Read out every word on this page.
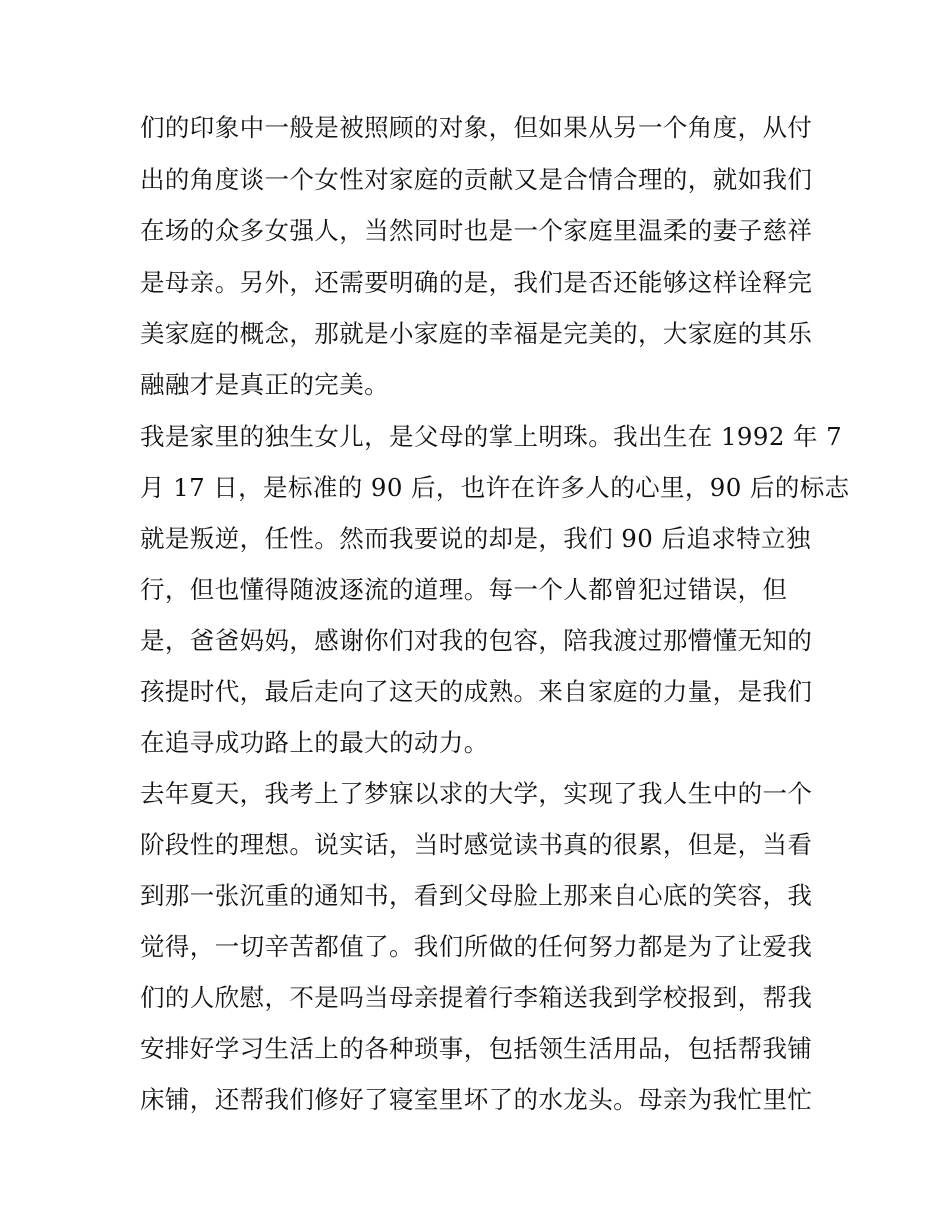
们的印象中一般是被照顾的对象，但如果从另一个角度，从付
出的角度谈一个女性对家庭的贡献又是合情合理的，就如我们
在场的众多女强人，当然同时也是一个家庭里温柔的妻子慈祥
是母亲。另外，还需要明确的是，我们是否还能够这样诠释完
美家庭的概念，那就是小家庭的幸福是完美的，大家庭的其乐
融融才是真正的完美。
我是家里的独生女儿，是父母的掌上明珠。我出生在 1992 年 7
月 17 日，是标准的 90 后，也许在许多人的心里，90 后的标志
就是叛逆，任性。然而我要说的却是，我们 90 后追求特立独
行，但也懂得随波逐流的道理。每一个人都曾犯过错误，但
是，爸爸妈妈，感谢你们对我的包容，陪我渡过那懵懂无知的
孩提时代，最后走向了这天的成熟。来自家庭的力量，是我们
在追寻成功路上的最大的动力。
去年夏天，我考上了梦寐以求的大学，实现了我人生中的一个
阶段性的理想。说实话，当时感觉读书真的很累，但是，当看
到那一张沉重的通知书，看到父母脸上那来自心底的笑容，我
觉得，一切辛苦都值了。我们所做的任何努力都是为了让爱我
们的人欣慰，不是吗当母亲提着行李箱送我到学校报到，帮我
安排好学习生活上的各种琐事，包括领生活用品，包括帮我铺
床铺，还帮我们修好了寝室里坏了的水龙头。母亲为我忙里忙
